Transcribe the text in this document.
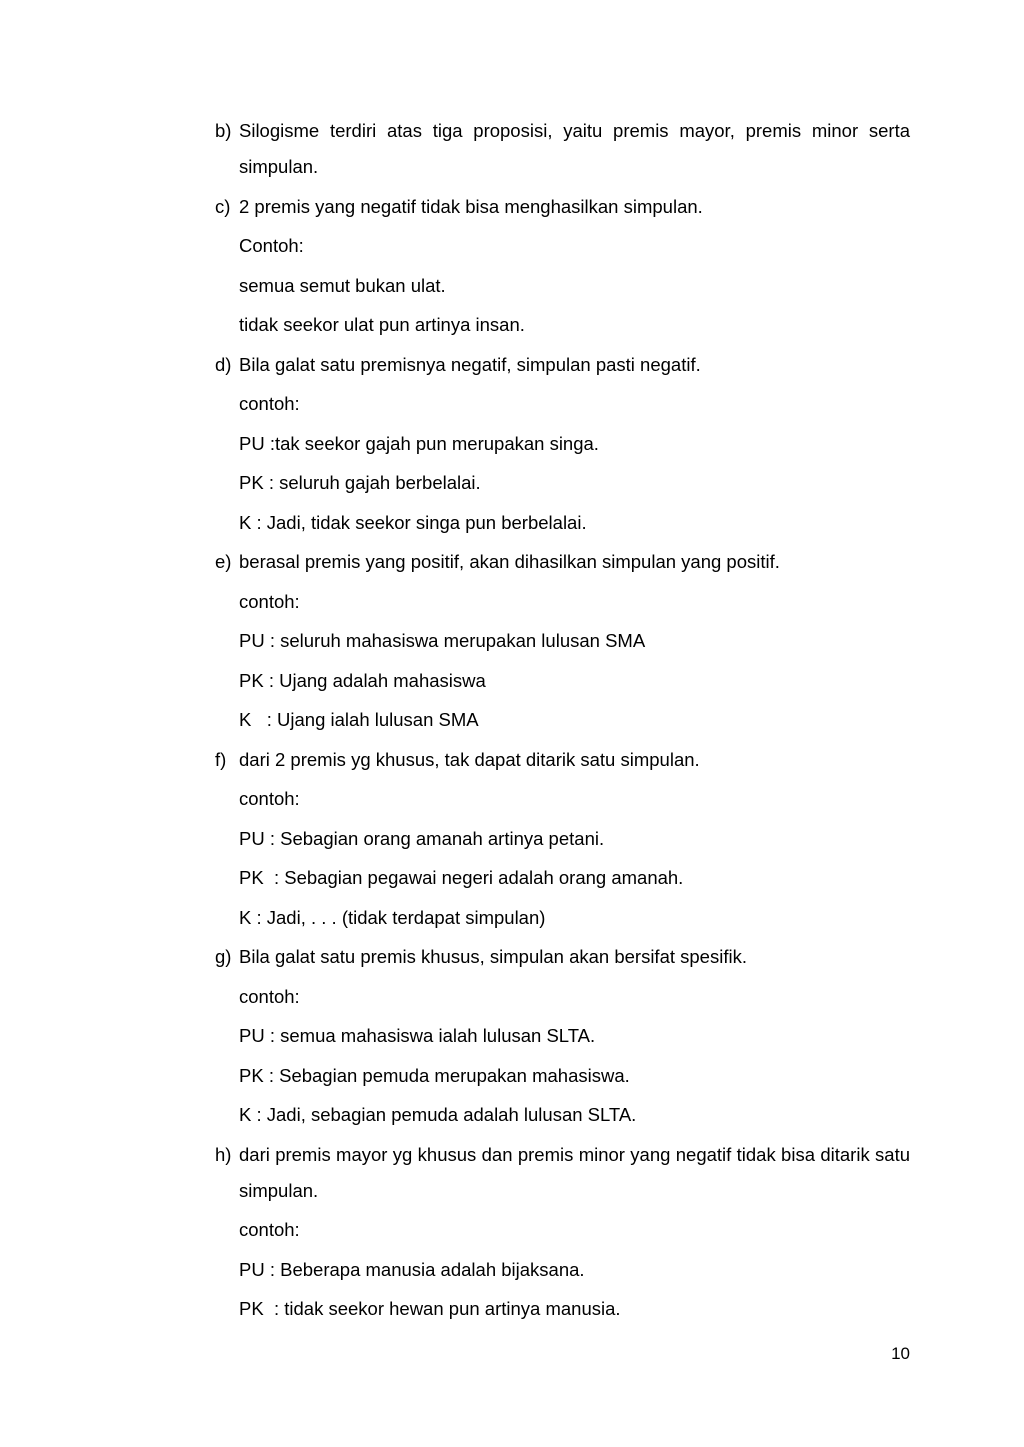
b) Silogisme terdiri atas tiga proposisi, yaitu premis mayor, premis minor serta simpulan.
c) 2 premis yang negatif tidak bisa menghasilkan simpulan.
Contoh:
semua semut bukan ulat.
tidak seekor ulat pun artinya insan.
d) Bila galat satu premisnya negatif, simpulan pasti negatif.
contoh:
PU :tak seekor gajah pun merupakan singa.
PK : seluruh gajah berbelalai.
K : Jadi, tidak seekor singa pun berbelalai.
e) berasal premis yang positif, akan dihasilkan simpulan yang positif.
contoh:
PU : seluruh mahasiswa merupakan lulusan SMA
PK : Ujang adalah mahasiswa
K   : Ujang ialah lulusan SMA
f) dari 2 premis yg khusus, tak dapat ditarik satu simpulan.
contoh:
PU : Sebagian orang amanah artinya petani.
PK  : Sebagian pegawai negeri adalah orang amanah.
K : Jadi, . . . (tidak terdapat simpulan)
g) Bila galat satu premis khusus, simpulan akan bersifat spesifik.
contoh:
PU : semua mahasiswa ialah lulusan SLTA.
PK : Sebagian pemuda merupakan mahasiswa.
K : Jadi, sebagian pemuda adalah lulusan SLTA.
h) dari premis mayor yg khusus dan premis minor yang negatif tidak bisa ditarik satu simpulan.
contoh:
PU : Beberapa manusia adalah bijaksana.
PK  : tidak seekor hewan pun artinya manusia.
10
